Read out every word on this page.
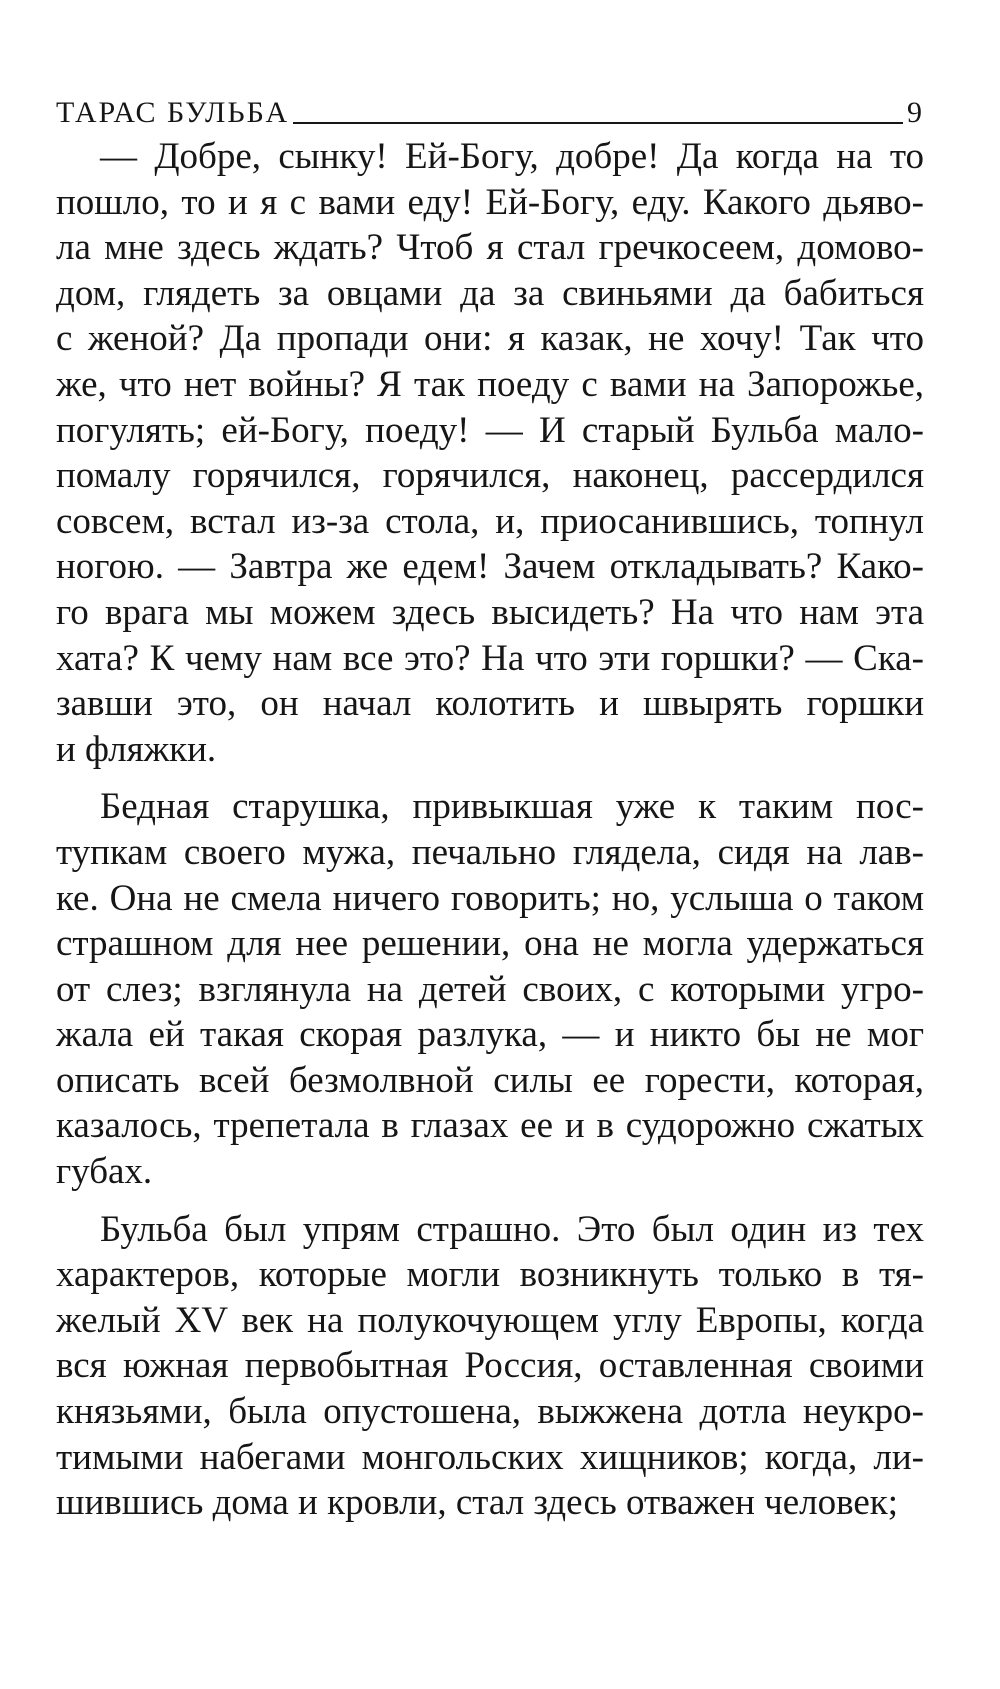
ТАРАС БУЛЬБА	9
— Добре, сынку! Ей-Богу, добре! Да когда на то
пошло, то и я с вами еду! Ей-Богу, еду. Какого дьяво-
ла мне здесь ждать? Чтоб я стал гречкосеем, домово-
дом, глядеть за овцами да за свиньями да бабиться
с женой? Да пропади они: я казак, не хочу! Так что
же, что нет войны? Я так поеду с вами на Запорожье,
погулять; ей-Богу, поеду! — И старый Бульба мало-
помалу горячился, горячился, наконец, рассердился
совсем, встал из-за стола, и, приосанившись, топнул
ногою. — Завтра же едем! Зачем откладывать? Како-
го врага мы можем здесь высидеть? На что нам эта
хата? К чему нам все это? На что эти горшки? — Ска-
завши это, он начал колотить и швырять горшки
и фляжки.
Бедная старушка, привыкшая уже к таким пос-
тупкам своего мужа, печально глядела, сидя на лав-
ке. Она не смела ничего говорить; но, услыша о таком
страшном для нее решении, она не могла удержаться
от слез; взглянула на детей своих, с которыми угро-
жала ей такая скорая разлука, — и никто бы не мог
описать всей безмолвной силы ее горести, которая,
казалось, трепетала в глазах ее и в судорожно сжатых
губах.
Бульба был упрям страшно. Это был один из тех
характеров, которые могли возникнуть только в тя-
желый XV век на полукочующем углу Европы, когда
вся южная первобытная Россия, оставленная своими
князьями, была опустошена, выжжена дотла неукро-
тимыми набегами монгольских хищников; когда, ли-
шившись дома и кровли, стал здесь отважен человек;
